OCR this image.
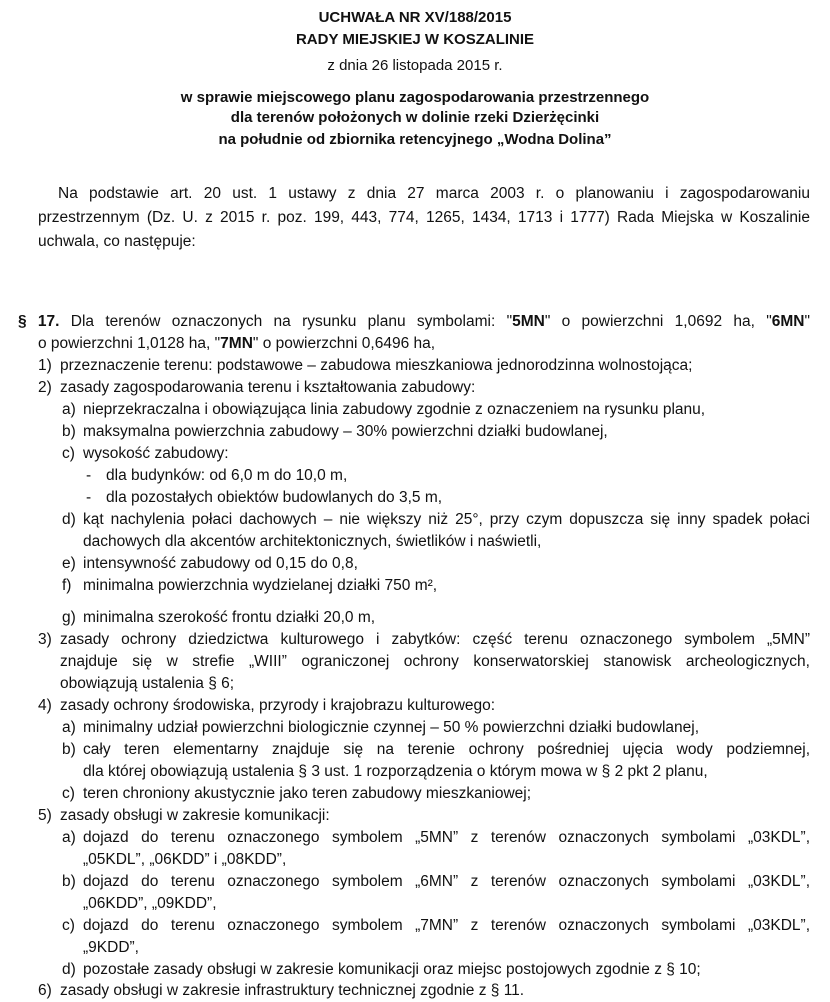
UCHWAŁA NR XV/188/2015
RADY MIEJSKIEJ W KOSZALINIE
z dnia 26 listopada 2015 r.
w sprawie miejscowego planu zagospodarowania przestrzennego
dla terenów położonych w dolinie rzeki Dzierżęcinki
na południe od zbiornika retencyjnego „Wodna Dolina”
Na podstawie art. 20 ust. 1 ustawy z dnia 27 marca 2003 r. o planowaniu i zagospodarowaniu
przestrzennym (Dz. U. z 2015 r. poz. 199, 443, 774, 1265, 1434, 1713 i 1777) Rada Miejska w Koszalinie
uchwala, co następuje:
§ 17. Dla terenów oznaczonych na rysunku planu symbolami: "5MN" o powierzchni 1,0692 ha, "6MN"
o powierzchni 1,0128 ha, "7MN" o powierzchni 0,6496 ha,
1) przeznaczenie terenu: podstawowe – zabudowa mieszkaniowa jednorodzinna wolnostojąca;
2) zasady zagospodarowania terenu i kształtowania zabudowy:
a) nieprzekraczalna i obowiązująca linia zabudowy zgodnie z oznaczeniem na rysunku planu,
b) maksymalna powierzchnia zabudowy – 30% powierzchni działki budowlanej,
c) wysokość zabudowy:
- dla budynków: od 6,0 m do 10,0 m,
- dla pozostałych obiektów budowlanych do 3,5 m,
d) kąt nachylenia połaci dachowych – nie większy niż 25°, przy czym dopuszcza się inny spadek połaci
dachowych dla akcentów architektonicznych, świetlików i naświetli,
e) intensywność zabudowy od 0,15 do 0,8,
f) minimalna powierzchnia wydzielanej działki 750 m²,
g) minimalna szerokość frontu działki 20,0 m,
3) zasady ochrony dziedzictwa kulturowego i zabytków: część terenu oznaczonego symbolem „5MN”
znajduje się w strefie „WIII” ograniczonej ochrony konserwatorskiej stanowisk archeologicznych,
obowiązują ustalenia § 6;
4) zasady ochrony środowiska, przyrody i krajobrazu kulturowego:
a) minimalny udział powierzchni biologicznie czynnej – 50 % powierzchni działki budowlanej,
b) cały teren elementarny znajduje się na terenie ochrony pośredniej ujęcia wody podziemnej,
dla której obowiązują ustalenia § 3 ust. 1 rozporządzenia o którym mowa w § 2 pkt 2 planu,
c) teren chroniony akustycznie jako teren zabudowy mieszkaniowej;
5) zasady obsługi w zakresie komunikacji:
a) dojazd do terenu oznaczonego symbolem „5MN” z terenów oznaczonych symbolami „03KDL”,
„05KDL”, „06KDD” i „08KDD”,
b) dojazd do terenu oznaczonego symbolem „6MN” z terenów oznaczonych symbolami „03KDL”,
„06KDD”, „09KDD”,
c) dojazd do terenu oznaczonego symbolem „7MN” z terenów oznaczonych symbolami „03KDL”,
„9KDD”,
d) pozostałe zasady obsługi w zakresie komunikacji oraz miejsc postojowych zgodnie z § 10;
6) zasady obsługi w zakresie infrastruktury technicznej zgodnie z § 11.
